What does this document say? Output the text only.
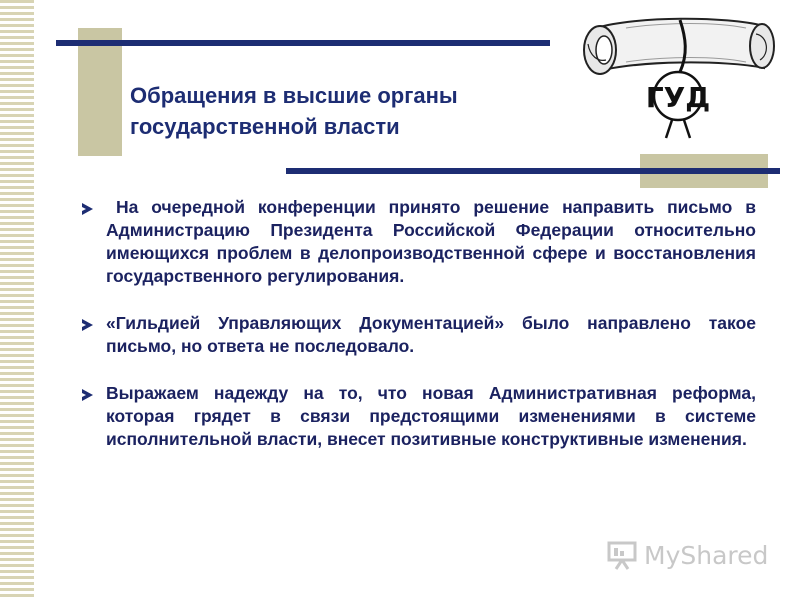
Обращения в высшие органы
государственной власти
ГУД
На очередной конференции принято решение направить письмо в Администрацию Президента Российской Федерации относительно имеющихся проблем в делопроизводственной сфере и восстановления государственного регулирования.
«Гильдией Управляющих Документацией» было направлено такое письмо, но ответа не последовало.
Выражаем надежду на то, что новая Административная реформа, которая грядет в связи предстоящими изменениями в системе исполнительной власти, внесет позитивные конструктивные изменения.
MyShared
